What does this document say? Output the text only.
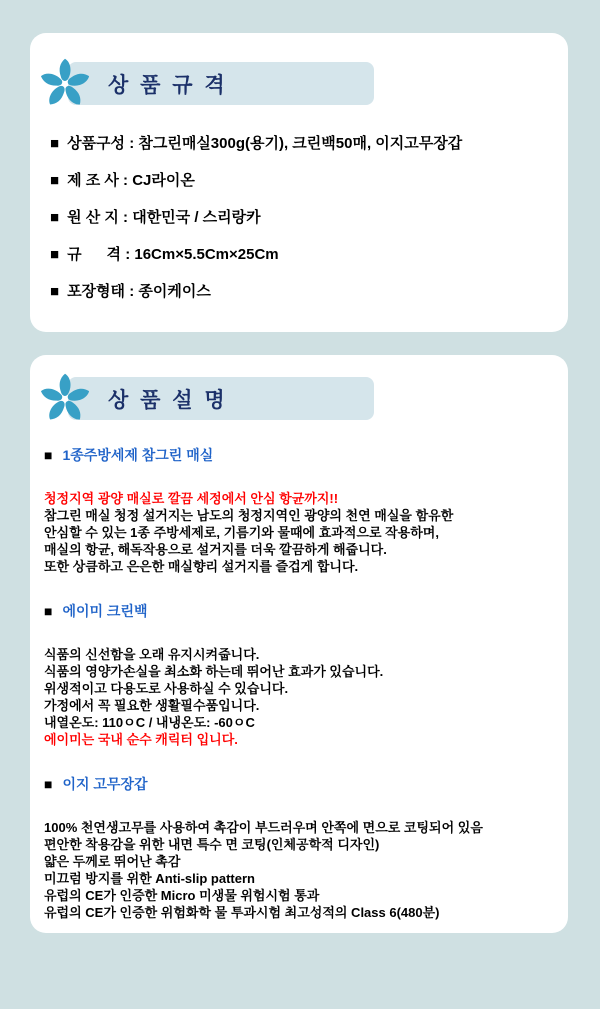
상 품 규 격
■ 상품구성 : 참그린매실300g(용기), 크린백50매, 이지고무장갑
■ 제 조 사 : CJ라이온
■ 원 산 지 : 대한민국 / 스리랑카
■ 규      격 : 16Cm×5.5Cm×25Cm
■ 포장형태 : 종이케이스
상 품 설 명
■ 1종주방세제 참그린 매실
청정지역 광양 매실로 깔끔 세정에서 안심 항균까지!!
참그린 매실 청정 설거지는 남도의 청정지역인 광양의 천연 매실을 함유한
안심할 수 있는 1종 주방세제로, 기름기와 물때에 효과적으로 작용하며,
매실의 항균, 해독작용으로 설거지를 더욱 깔끔하게 해줍니다.
또한 상큼하고 은은한 매실향리 설거지를 즐겁게 합니다.
■ 에이미 크린백
식품의 신선함을 오래 유지시켜줍니다.
식품의 영양가손실을 최소화 하는데 뛰어난 효과가 있습니다.
위생적이고 다용도로 사용하실 수 있습니다.
가정에서 꼭 필요한 생활필수품입니다.
내열온도: 110ㅇC / 내냉온도: -60ㅇC
에이미는 국내 순수 캐릭터 입니다.
■ 이지 고무장갑
100% 천연생고무를 사용하여 촉감이 부드러우며 안쪽에 면으로 코팅되어 있음
편안한 착용감을 위한 내면 특수 면 코팅(인체공학적 디자인)
얇은 두께로 뛰어난 촉감
미끄럼 방지를 위한 Anti-slip pattern
유럽의 CE가 인증한 Micro 미생물 위험시험 통과
유럽의 CE가 인증한 위험화학 물 투과시험 최고성적의 Class 6(480분)
